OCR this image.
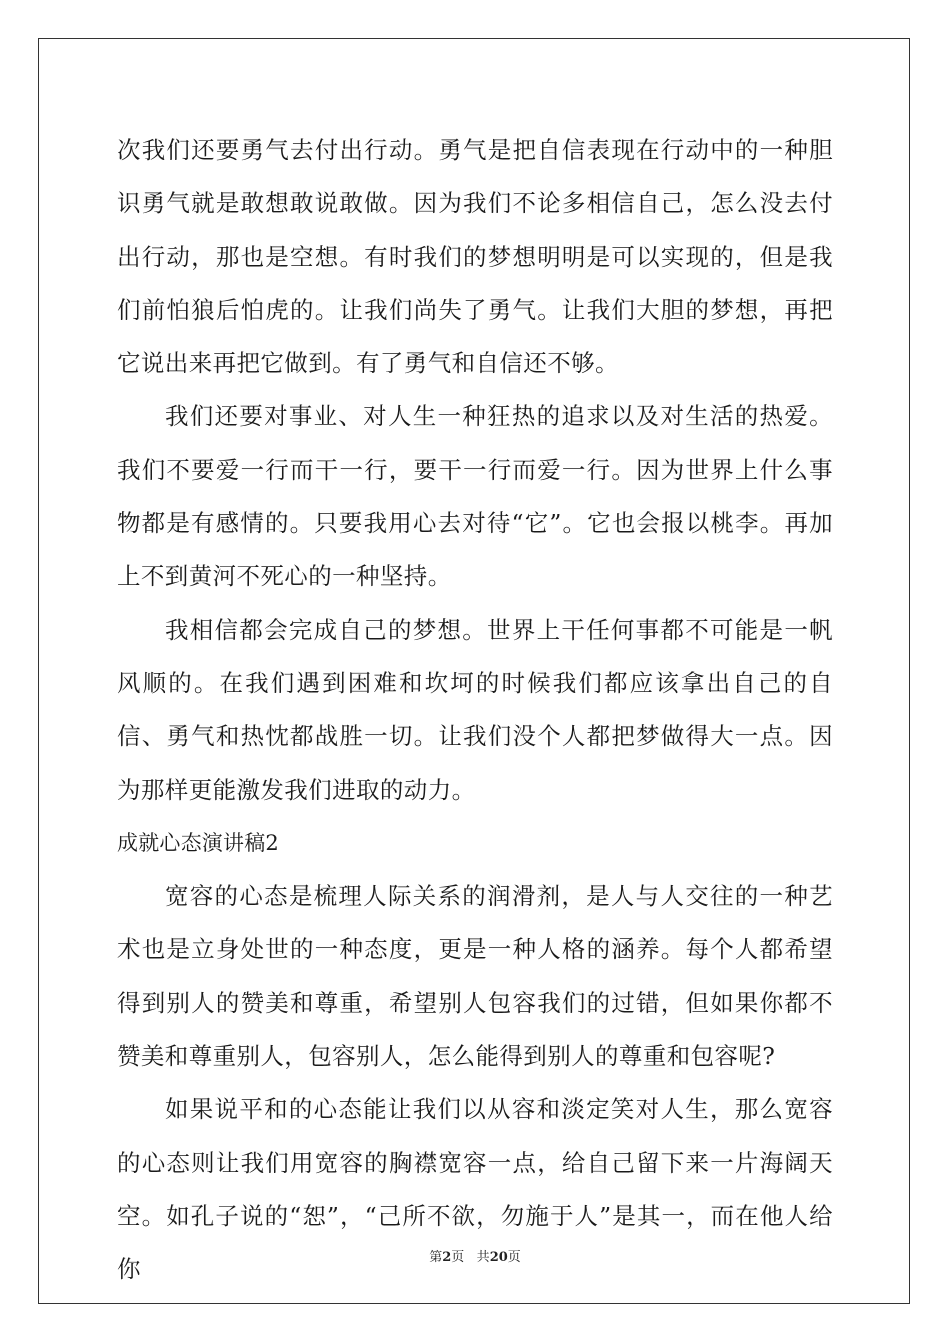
次我们还要勇气去付出行动。勇气是把自信表现在行动中的一种胆识勇气就是敢想敢说敢做。因为我们不论多相信自己，怎么没去付出行动，那也是空想。有时我们的梦想明明是可以实现的，但是我们前怕狼后怕虎的。让我们尚失了勇气。让我们大胆的梦想，再把它说出来再把它做到。有了勇气和自信还不够。

我们还要对事业、对人生一种狂热的追求以及对生活的热爱。我们不要爱一行而干一行，要干一行而爱一行。因为世界上什么事物都是有感情的。只要我用心去对待“它”。它也会报以桃李。再加上不到黄河不死心的一种坚持。

我相信都会完成自己的梦想。世界上干任何事都不可能是一帆风顺的。在我们遇到困难和坎坷的时候我们都应该拿出自己的自信、勇气和热忱都战胜一切。让我们没个人都把梦做得大一点。因为那样更能激发我们进取的动力。

成就心态演讲稿2

宽容的心态是梳理人际关系的润滑剂，是人与人交往的一种艺术也是立身处世的一种态度，更是一种人格的涵养。每个人都希望得到别人的赞美和尊重，希望别人包容我们的过错，但如果你都不赞美和尊重别人，包容别人，怎么能得到别人的尊重和包容呢?

如果说平和的心态能让我们以从容和淡定笑对人生，那么宽容的心态则让我们用宽容的胸襟宽容一点，给自己留下来一片海阔天空。如孔子说的“恕”，“己所不欲，勿施于人”是其一，而在他人给你	第2页 共20页
